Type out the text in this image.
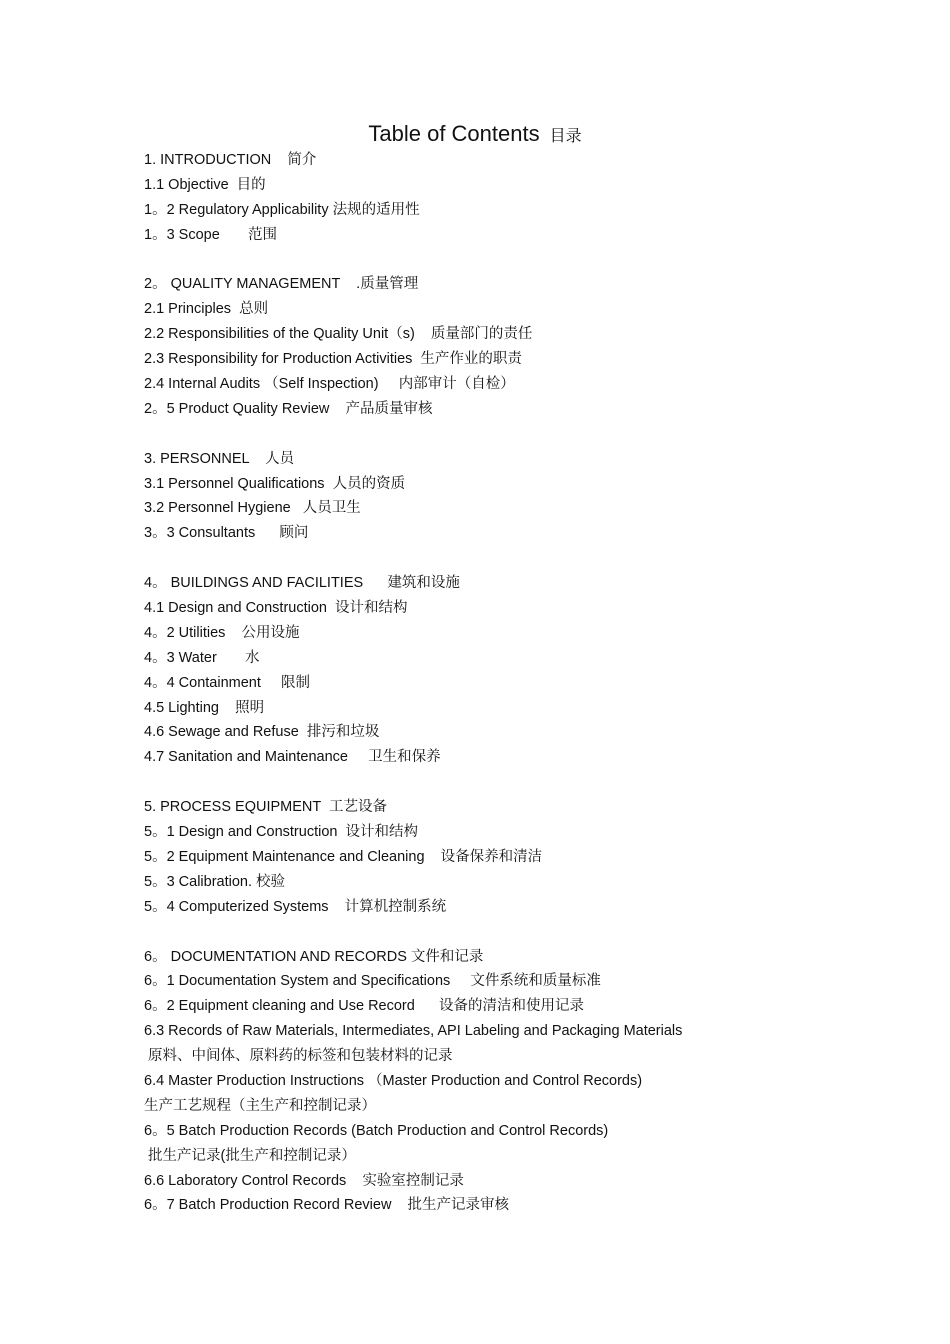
Table of Contents 目录
1. INTRODUCTION    简介
1.1 Objective  目的
1。2 Regulatory Applicability 法规的适用性
1。3 Scope       范围
2。 QUALITY MANAGEMENT    .质量管理
2.1 Principles  总则
2.2 Responsibilities of the Quality Unit（s)    质量部门的责任
2.3 Responsibility for Production Activities  生产作业的职责
2.4 Internal Audits （Self Inspection)     内部审计（自检）
2。5 Product Quality Review    产品质量审核
3. PERSONNEL    人员
3.1 Personnel Qualifications  人员的资质
3.2 Personnel Hygiene   人员卫生
3。3 Consultants      顾问
4。 BUILDINGS AND FACILITIES      建筑和设施
4.1 Design and Construction  设计和结构
4。2 Utilities    公用设施
4。3 Water       水
4。4 Containment     限制
4.5 Lighting    照明
4.6 Sewage and Refuse  排污和垃圾
4.7 Sanitation and Maintenance     卫生和保养
5. PROCESS EQUIPMENT  工艺设备
5。1 Design and Construction  设计和结构
5。2 Equipment Maintenance and Cleaning    设备保养和清洁
5。3 Calibration. 校验
5。4 Computerized Systems    计算机控制系统
6。 DOCUMENTATION AND RECORDS 文件和记录
6。1 Documentation System and Specifications     文件系统和质量标准
6。2 Equipment cleaning and Use Record      设备的清洁和使用记录
6.3 Records of Raw Materials, Intermediates, API Labeling and Packaging Materials
原料、中间体、原料药的标签和包装材料的记录
6.4 Master Production Instructions （Master Production and Control Records)
生产工艺规程（主生产和控制记录）
6。5 Batch Production Records (Batch Production and Control Records)
批生产记录(批生产和控制记录）
6.6 Laboratory Control Records    实验室控制记录
6。7 Batch Production Record Review    批生产记录审核
